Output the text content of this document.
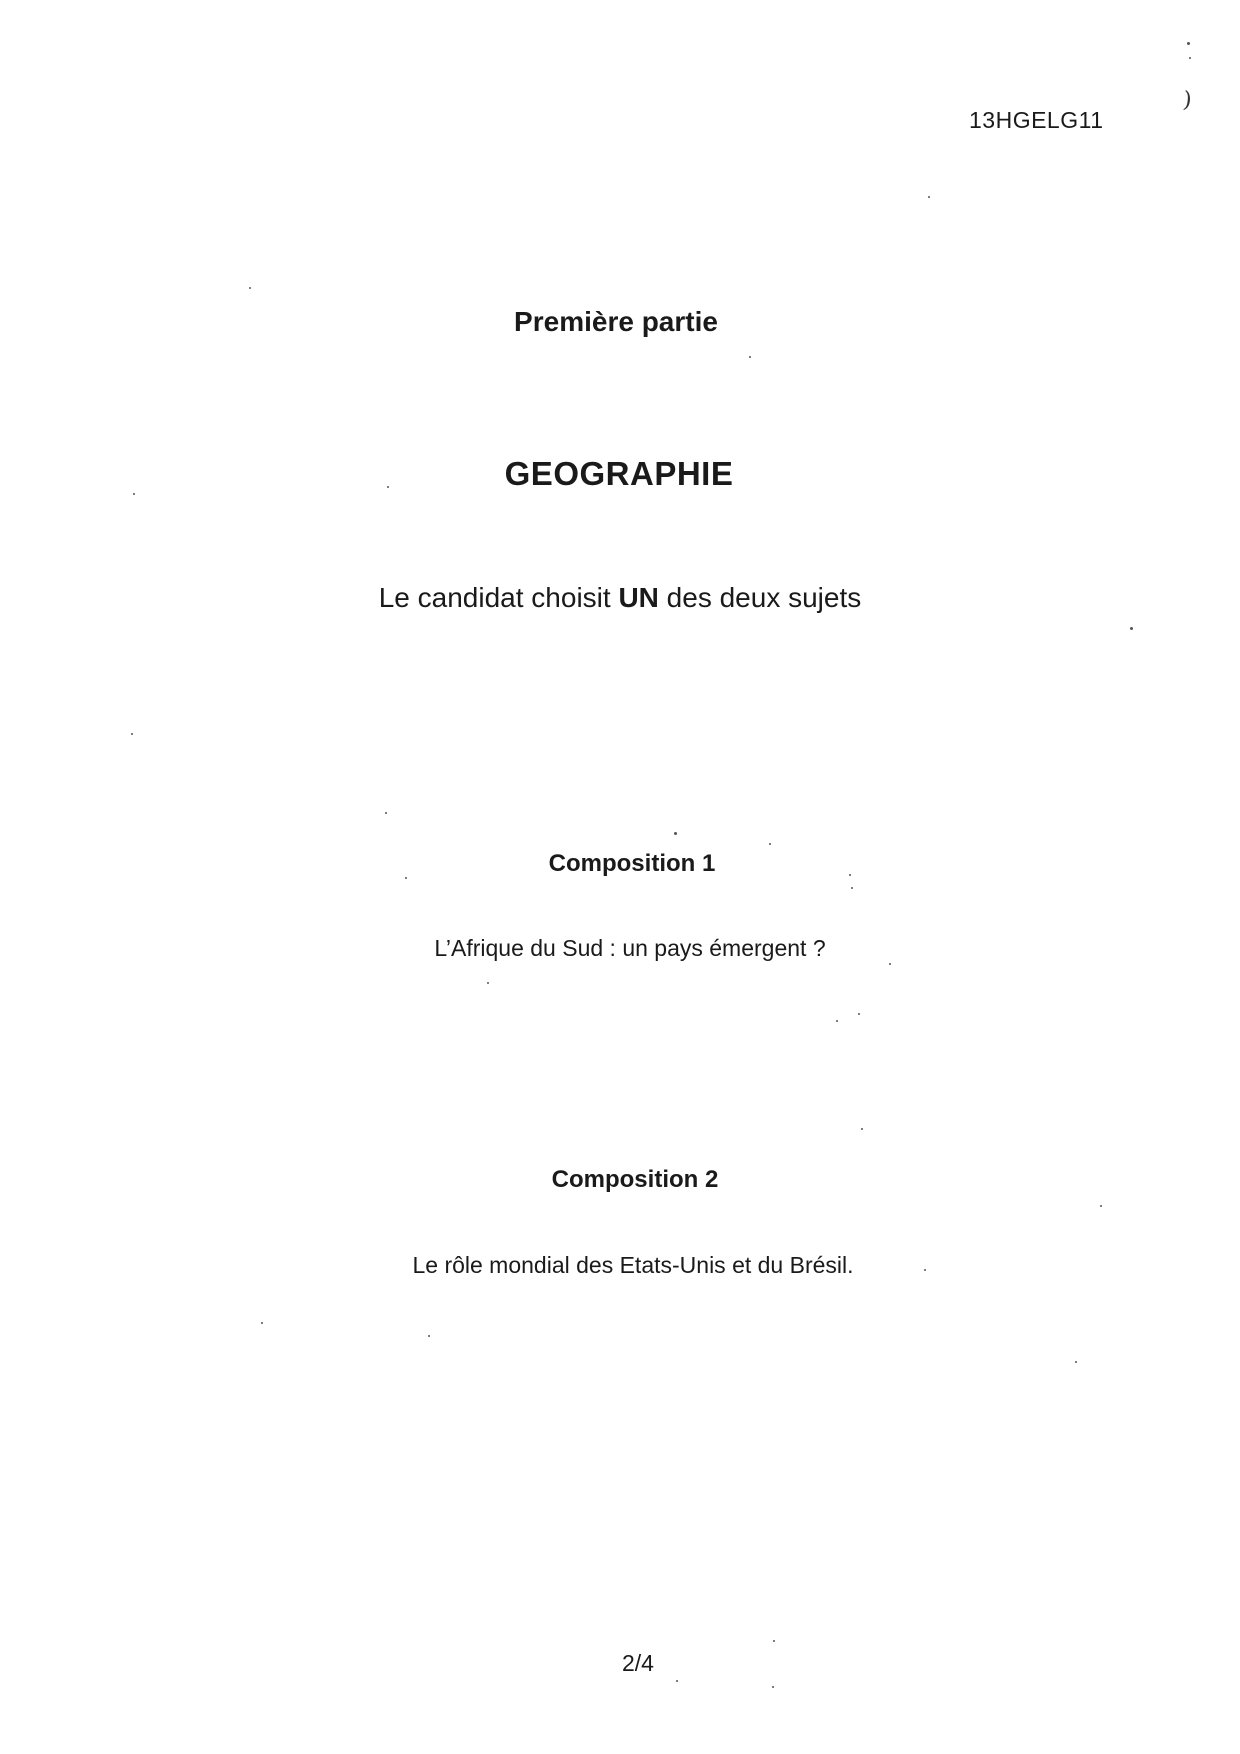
13HGELG11
Première partie
GEOGRAPHIE
Le candidat choisit UN des deux sujets
Composition 1
L’Afrique du Sud : un pays émergent ?
Composition 2
Le rôle mondial des Etats-Unis et du Brésil.
2/4
)
